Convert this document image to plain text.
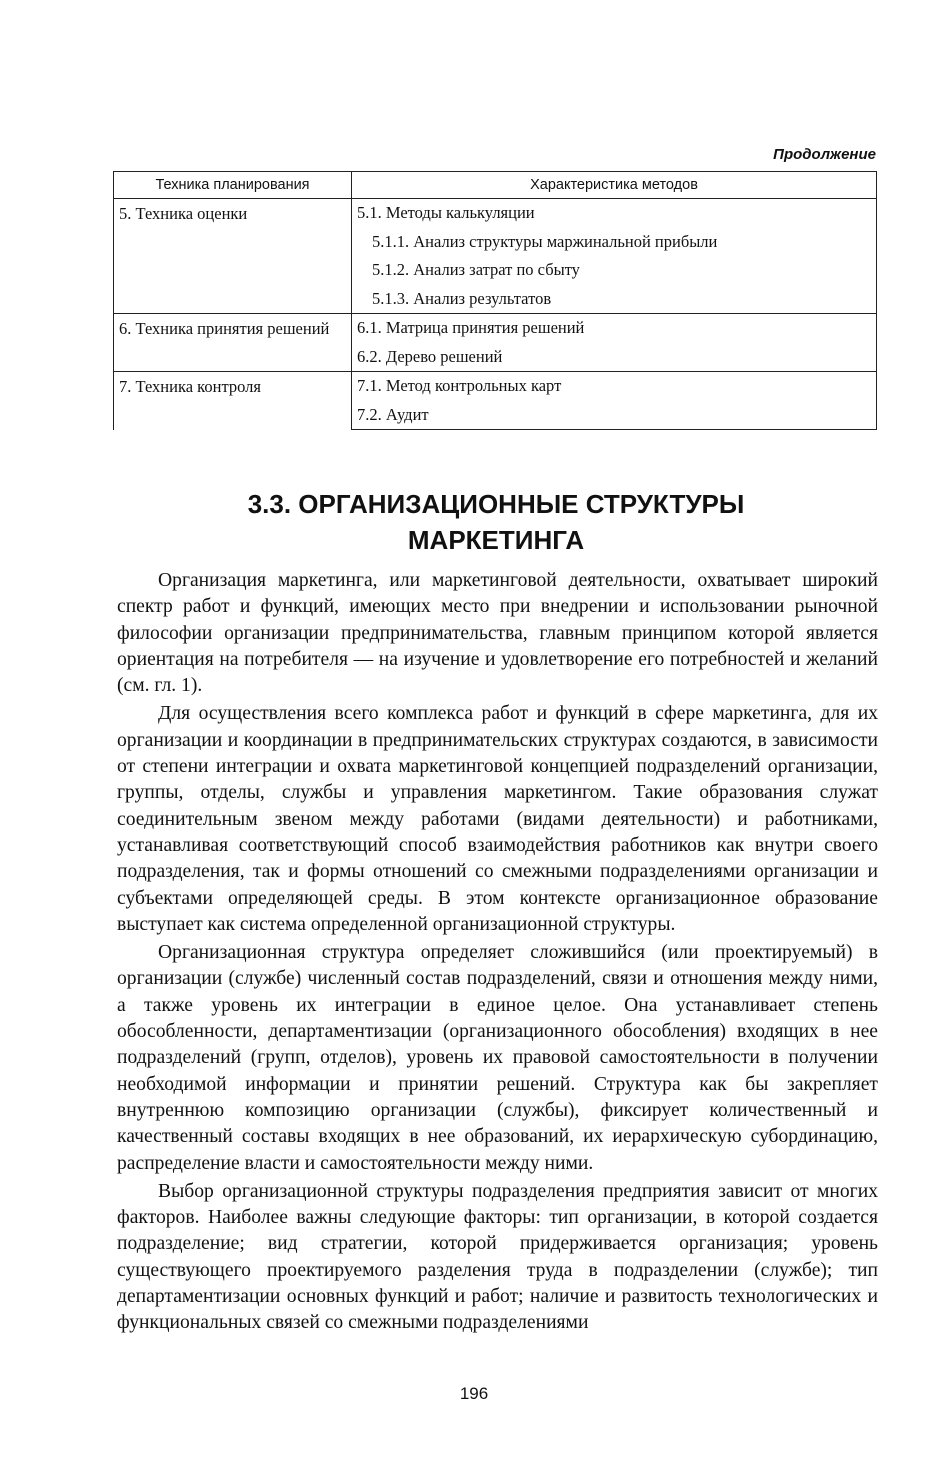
Продолжение
Техника планирования	Характеристика методов
5. Техника оценки	5.1. Методы калькуляции
	5.1.1. Анализ структуры маржинальной прибыли
	5.1.2. Анализ затрат по сбыту
	5.1.3. Анализ результатов
6. Техника принятия решений	6.1. Матрица принятия решений
	6.2. Дерево решений
7. Техника контроля	7.1. Метод контрольных карт
	7.2. Аудит
3.3. ОРГАНИЗАЦИОННЫЕ СТРУКТУРЫ
МАРКЕТИНГА

Организация маркетинга, или маркетинговой деятельности, охватывает широкий спектр работ и функций, имеющих место при внедрении и использовании рыночной философии организации предпринимательства, главным принципом которой является ориентация на потребителя — на изучение и удовлетворение его потребностей и желаний (см. гл. 1).

Для осуществления всего комплекса работ и функций в сфере маркетинга, для их организации и координации в предпринимательских структурах создаются, в зависимости от степени интеграции и охвата маркетинговой концепцией подразделений организации, группы, отделы, службы и управления маркетингом. Такие образования служат соединительным звеном между работами (видами деятельности) и работниками, устанавливая соответствующий способ взаимодействия работников как внутри своего подразделения, так и формы отношений со смежными подразделениями организации и субъектами определяющей среды. В этом контексте организационное образование выступает как система определенной организационной структуры.

Организационная структура определяет сложившийся (или проектируемый) в организации (службе) численный состав подразделений, связи и отношения между ними, а также уровень их интеграции в единое целое. Она устанавливает степень обособленности, департаментизации (организационного обособления) входящих в нее подразделений (групп, отделов), уровень их правовой самостоятельности в получении необходимой информации и принятии решений. Структура как бы закрепляет внутреннюю композицию организации (службы), фиксирует количественный и качественный составы входящих в нее образований, их иерархическую субординацию, распределение власти и самостоятельности между ними.

Выбор организационной структуры подразделения предприятия зависит от многих факторов. Наиболее важны следующие факторы: тип организации, в которой создается подразделение; вид стратегии, которой придерживается организация; уровень существующего проектируемого разделения труда в подразделении (службе); тип департаментизации основных функций и работ; наличие и развитость технологических и функциональных связей со смежными подразделениями

196
